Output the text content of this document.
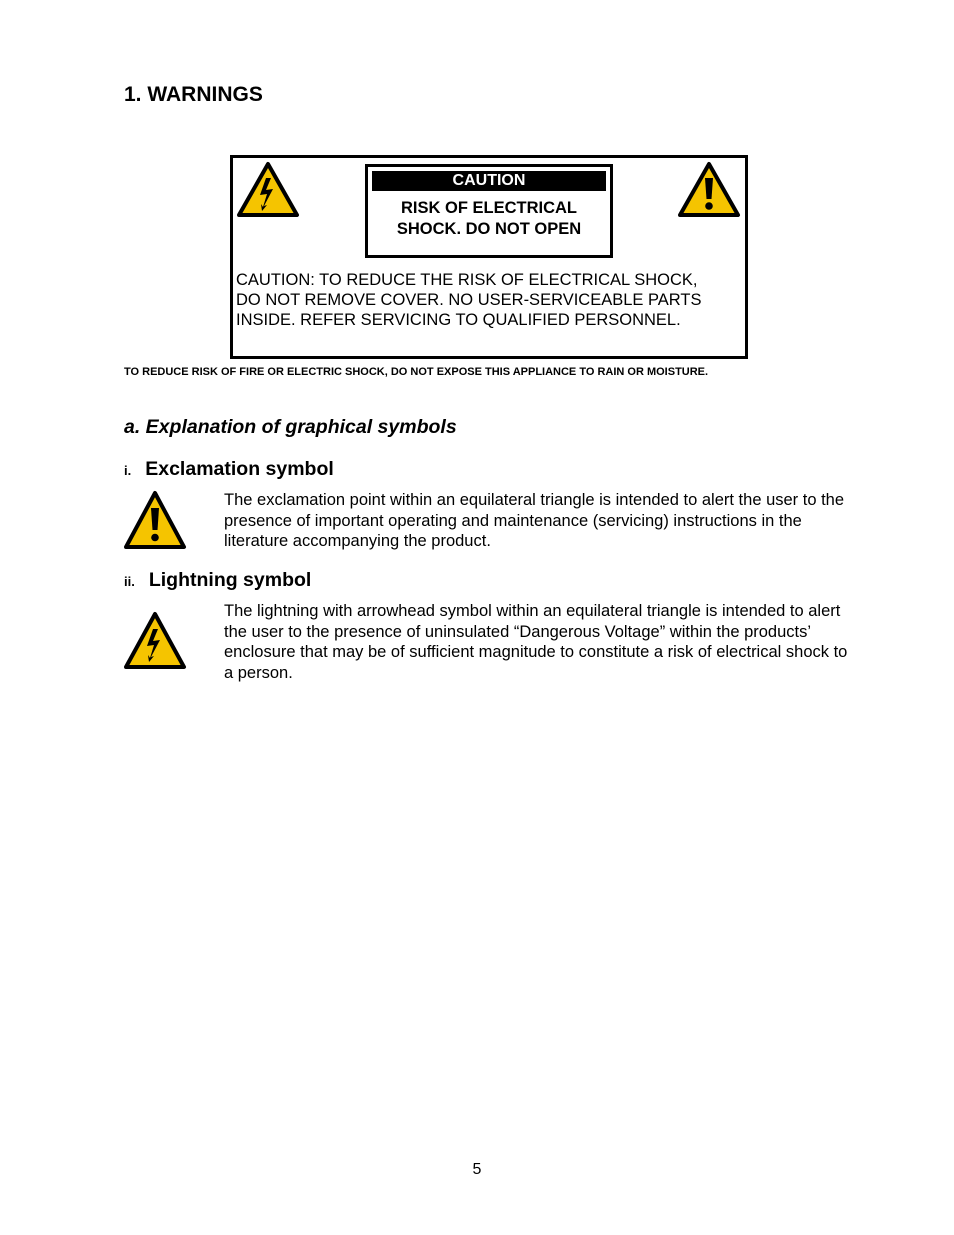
1. WARNINGS
CAUTION
RISK OF ELECTRICAL
SHOCK. DO NOT OPEN
CAUTION: TO REDUCE THE RISK OF ELECTRICAL SHOCK,
DO NOT REMOVE COVER. NO USER-SERVICEABLE PARTS
INSIDE. REFER SERVICING TO QUALIFIED PERSONNEL.
TO REDUCE RISK OF FIRE OR ELECTRIC SHOCK, DO NOT EXPOSE THIS APPLIANCE TO RAIN OR MOISTURE.
a. Explanation of graphical symbols
i. Exclamation symbol
The exclamation point within an equilateral triangle is intended to alert the user to the presence of important operating and maintenance (servicing) instructions in the literature accompanying the product.
ii. Lightning symbol
The lightning with arrowhead symbol within an equilateral triangle is intended to alert the user to the presence of uninsulated “Dangerous Voltage” within the products’ enclosure that may be of sufficient magnitude to constitute a risk of electrical shock to a person.
5
